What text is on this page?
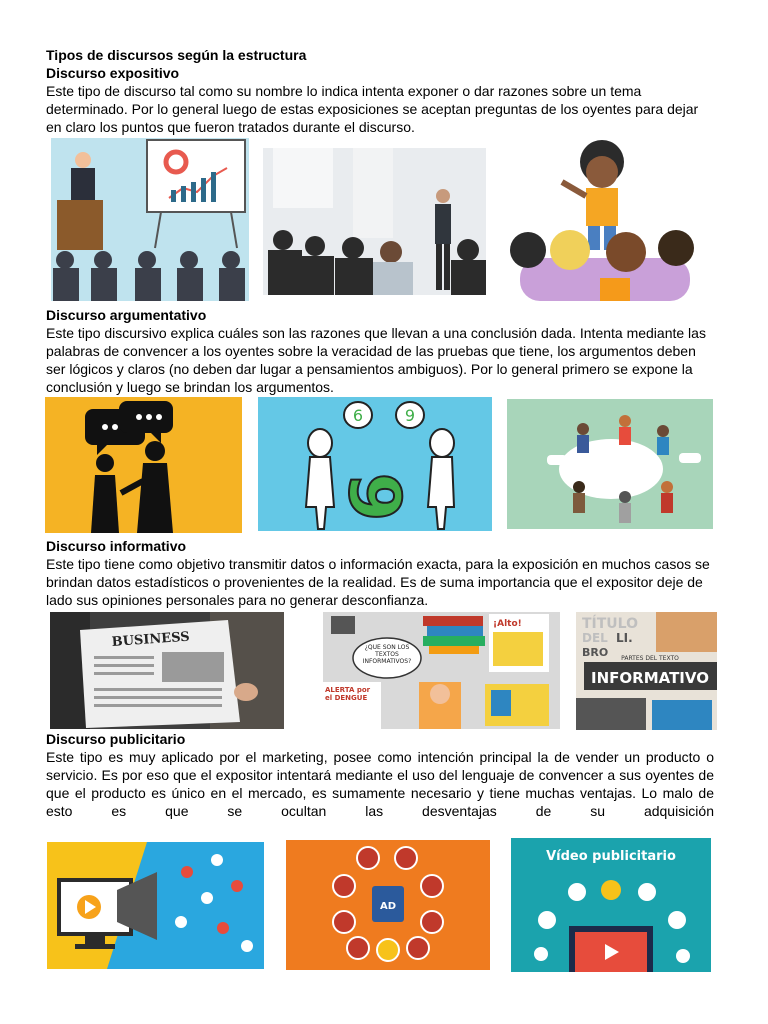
Tipos de discursos según la estructura
Discurso expositivo
Este tipo de discurso tal como su nombre lo indica intenta exponer o dar razones sobre un tema determinado. Por lo general luego de estas exposiciones se aceptan preguntas de los oyentes para dejar en claro los puntos que fueron tratados durante el discurso.
Discurso argumentativo
Este tipo discursivo explica cuáles son las razones que llevan a una conclusión dada. Intenta mediante las palabras de convencer a los oyentes sobre la veracidad de las pruebas que tiene, los argumentos deben ser lógicos y claros (no deben dar lugar a pensamientos ambiguos). Por lo general primero se expone la conclusión y luego se brindan los argumentos.
6	9
9
Discurso informativo
Este tipo tiene como objetivo transmitir datos o información exacta, para la exposición en muchos casos se brindan datos estadísticos o provenientes de la realidad. Es de suma importancia que el expositor deje de lado sus opiniones personales para no generar desconfianza.
BUSINESS	¿QUÉ SON LOS TEXTOS INFORMATIVOS?
¡Alto!
ALERTA por el DENGUE
TÍTULO
DEL LI.
BRO PARTES DEL TEXTO
INFORMATIVO
Discurso publicitario
Este tipo es muy aplicado por el marketing, posee como intención principal la de vender un producto o servicio. Es por eso que el expositor intentará mediante el uso del lenguaje de convencer a sus oyentes de que el producto es único en el mercado, es sumamente necesario y tiene muchas ventajas. Lo malo de esto es que se ocultan las desventajas de su adquisición
AD
Vídeo publicitario
